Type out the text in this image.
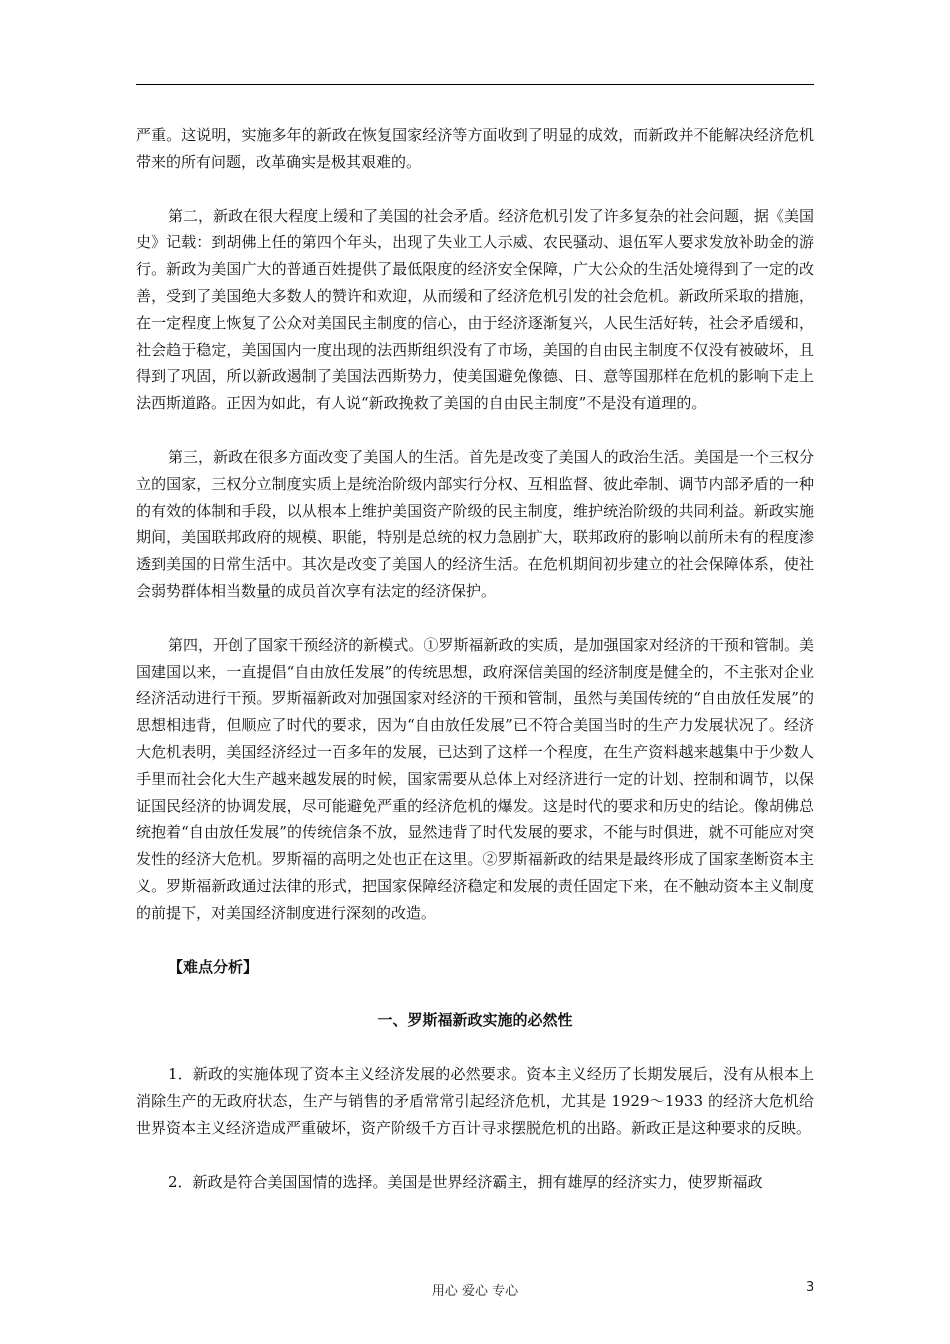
严重。这说明，实施多年的新政在恢复国家经济等方面收到了明显的成效，而新政并不能解决经济危机带来的所有问题，改革确实是极其艰难的。

第二，新政在很大程度上缓和了美国的社会矛盾。经济危机引发了许多复杂的社会问题，据《美国史》记载：到胡佛上任的第四个年头，出现了失业工人示威、农民骚动、退伍军人要求发放补助金的游行。新政为美国广大的普通百姓提供了最低限度的经济安全保障，广大公众的生活处境得到了一定的改善，受到了美国绝大多数人的赞许和欢迎，从而缓和了经济危机引发的社会危机。新政所采取的措施，在一定程度上恢复了公众对美国民主制度的信心，由于经济逐渐复兴，人民生活好转，社会矛盾缓和，社会趋于稳定，美国国内一度出现的法西斯组织没有了市场，美国的自由民主制度不仅没有被破坏，且得到了巩固，所以新政遏制了美国法西斯势力，使美国避免像德、日、意等国那样在危机的影响下走上法西斯道路。正因为如此，有人说“新政挽救了美国的自由民主制度”不是没有道理的。

第三，新政在很多方面改变了美国人的生活。首先是改变了美国人的政治生活。美国是一个三权分立的国家，三权分立制度实质上是统治阶级内部实行分权、互相监督、彼此牵制、调节内部矛盾的一种的有效的体制和手段，以从根本上维护美国资产阶级的民主制度，维护统治阶级的共同利益。新政实施期间，美国联邦政府的规模、职能，特别是总统的权力急剧扩大，联邦政府的影响以前所未有的程度渗透到美国的日常生活中。其次是改变了美国人的经济生活。在危机期间初步建立的社会保障体系，使社会弱势群体相当数量的成员首次享有法定的经济保护。

第四，开创了国家干预经济的新模式。①罗斯福新政的实质，是加强国家对经济的干预和管制。美国建国以来，一直提倡“自由放任发展”的传统思想，政府深信美国的经济制度是健全的，不主张对企业经济活动进行干预。罗斯福新政对加强国家对经济的干预和管制，虽然与美国传统的“自由放任发展”的思想相违背，但顺应了时代的要求，因为“自由放任发展”已不符合美国当时的生产力发展状况了。经济大危机表明，美国经济经过一百多年的发展，已达到了这样一个程度，在生产资料越来越集中于少数人手里而社会化大生产越来越发展的时候，国家需要从总体上对经济进行一定的计划、控制和调节，以保证国民经济的协调发展，尽可能避免严重的经济危机的爆发。这是时代的要求和历史的结论。像胡佛总统抱着“自由放任发展”的传统信条不放，显然违背了时代发展的要求，不能与时俱进，就不可能应对突发性的经济大危机。罗斯福的高明之处也正在这里。②罗斯福新政的结果是最终形成了国家垄断资本主义。罗斯福新政通过法律的形式，把国家保障经济稳定和发展的责任固定下来，在不触动资本主义制度的前提下，对美国经济制度进行深刻的改造。

【难点分析】

一、罗斯福新政实施的必然性

1．新政的实施体现了资本主义经济发展的必然要求。资本主义经历了长期发展后，没有从根本上消除生产的无政府状态，生产与销售的矛盾常常引起经济危机，尤其是 1929～1933 的经济大危机给世界资本主义经济造成严重破坏，资产阶级千方百计寻求摆脱危机的出路。新政正是这种要求的反映。

2．新政是符合美国国情的选择。美国是世界经济霸主，拥有雄厚的经济实力，使罗斯福政

用心 爱心 专心	3
